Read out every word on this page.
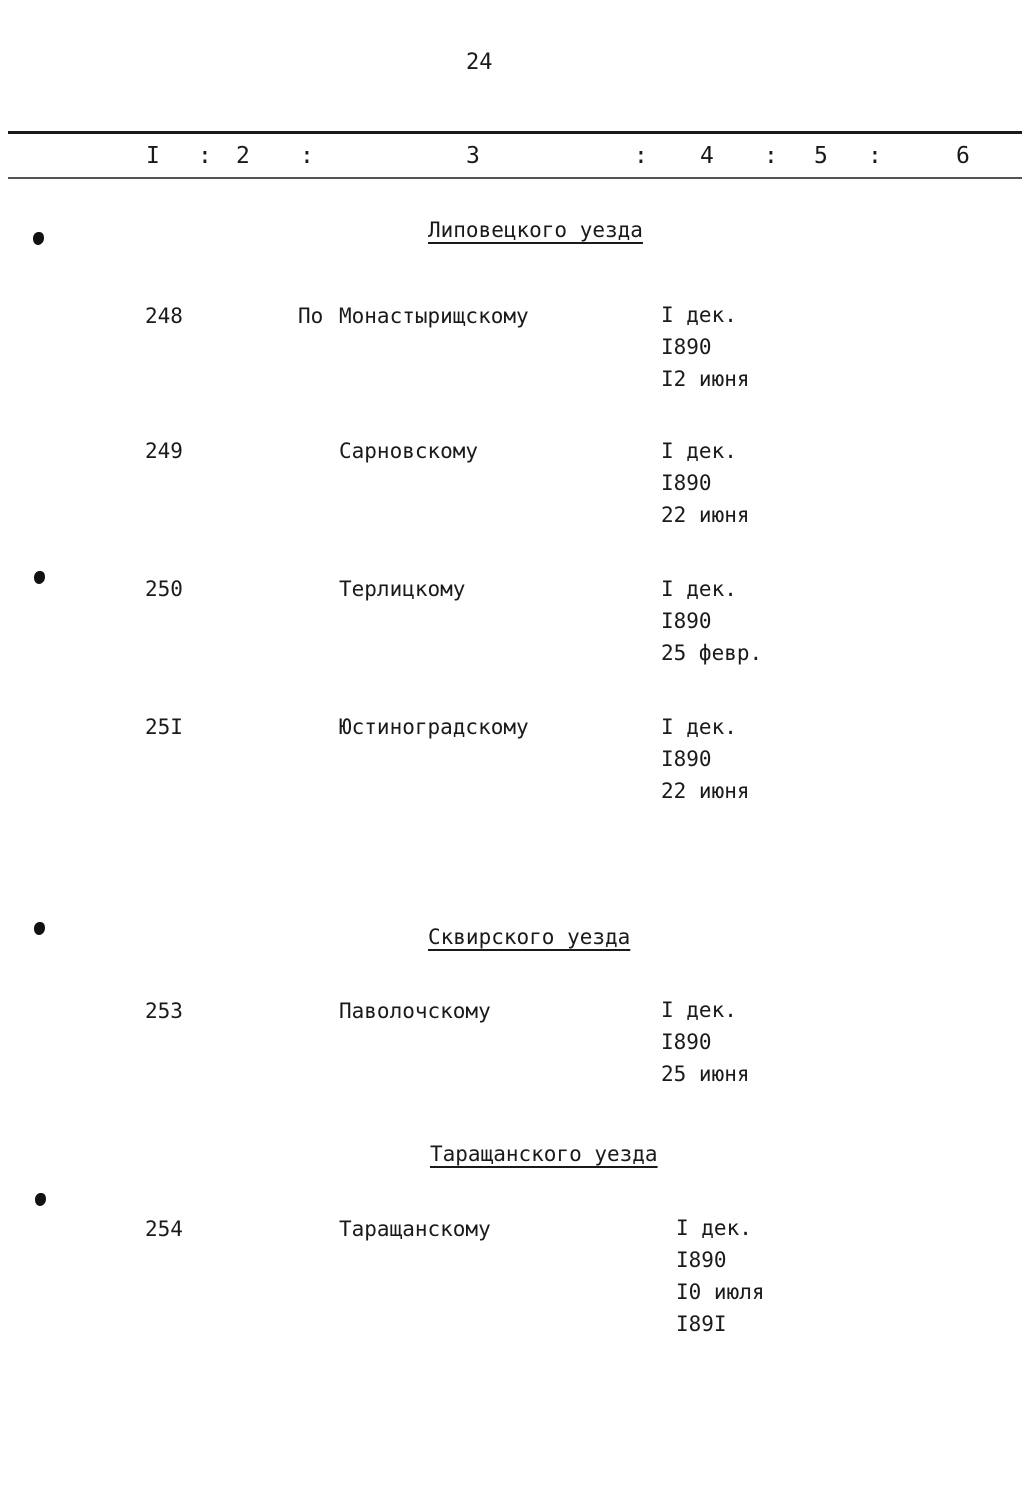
24
I : 2 :	3	: 4 : 5 :	6
Липовецкого уезда
248	По Монастырищскому	I дек.
I890
I2 июня
249	Сарновскому	I дек.
I890
22 июня
250	Терлицкому	I дек.
I890
25 февр.
25I	Юстиноградскому	I дек.
I890
22 июня
Сквирского уезда
253	Паволочскому	I дек.
I890
25 июня
Таращанского уезда
254	Таращанскому	I дек.
I890
I0 июля
I89I
